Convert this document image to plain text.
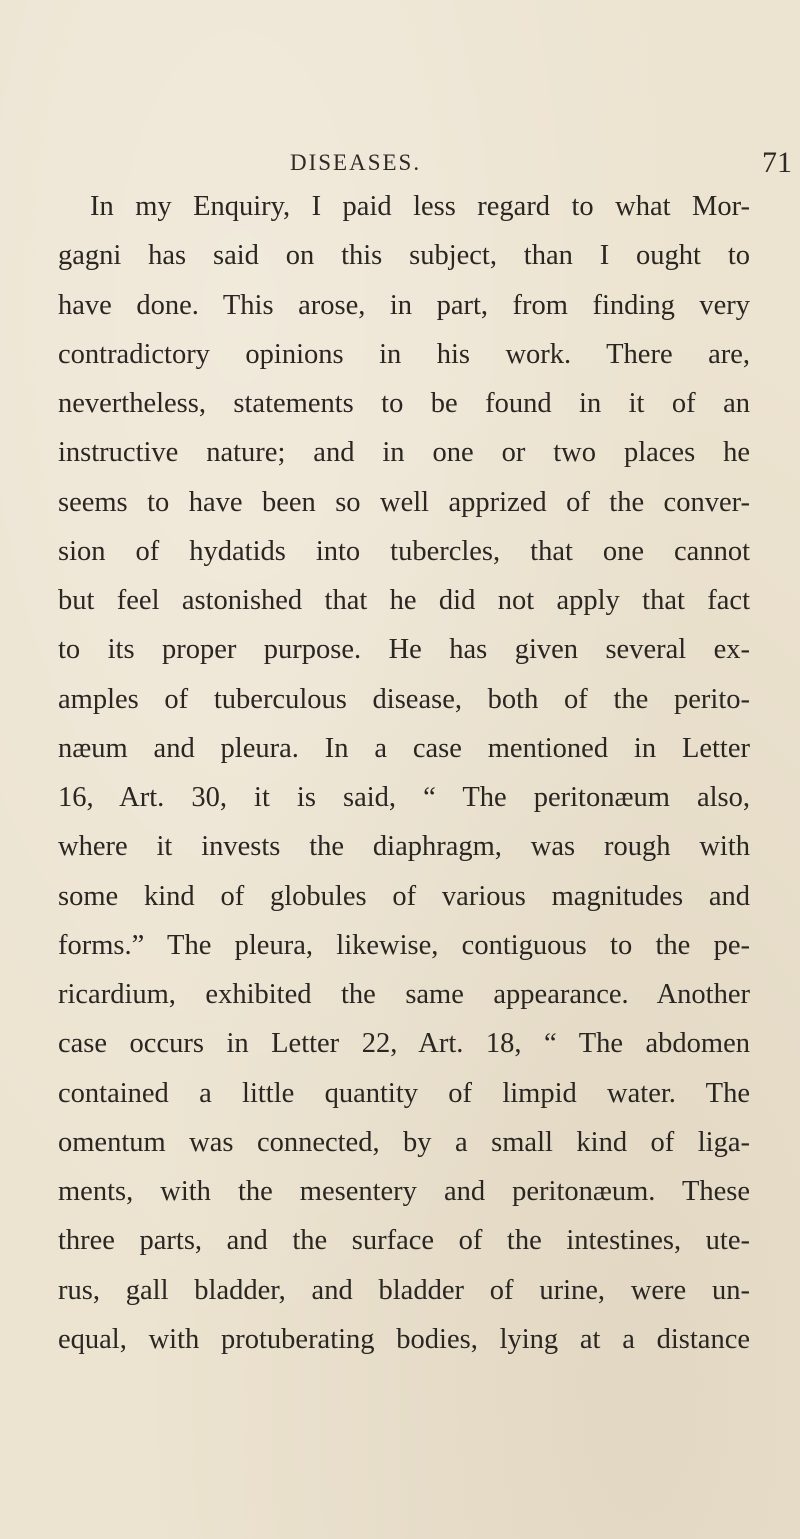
DISEASES.	71
In my Enquiry, I paid less regard to what Mor-
gagni has said on this subject, than I ought to
have done. This arose, in part, from finding very
contradictory opinions in his work. There are,
nevertheless, statements to be found in it of an
instructive nature; and in one or two places he
seems to have been so well apprized of the conver-
sion of hydatids into tubercles, that one cannot
but feel astonished that he did not apply that fact
to its proper purpose. He has given several ex-
amples of tuberculous disease, both of the perito-
næum and pleura. In a case mentioned in Letter
16, Art. 30, it is said, “ The peritonæum also,
where it invests the diaphragm, was rough with
some kind of globules of various magnitudes and
forms.” The pleura, likewise, contiguous to the pe-
ricardium, exhibited the same appearance. Another
case occurs in Letter 22, Art. 18, “ The abdomen
contained a little quantity of limpid water. The
omentum was connected, by a small kind of liga-
ments, with the mesentery and peritonæum. These
three parts, and the surface of the intestines, ute-
rus, gall bladder, and bladder of urine, were un-
equal, with protuberating bodies, lying at a distance
